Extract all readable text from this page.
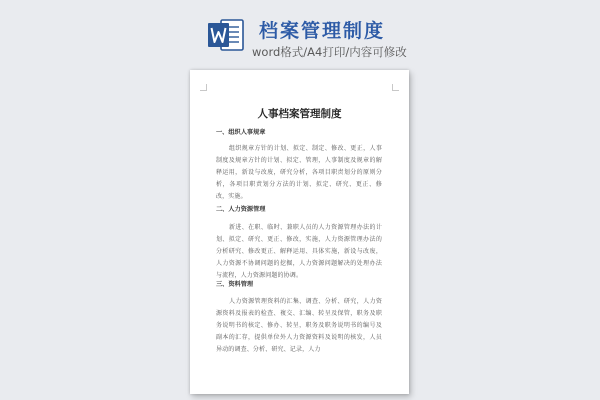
档案管理制度
word格式/A4打印/内容可修改
人事档案管理制度
一、组织人事规章
组织规章方针的计划、拟定、制定、修改、更正，人事制度及规章方针的计划、拟定、管理，人事制度及规章的解释运用，新设与改废，研究分析，各项目职责划分的原则分析，各项目职责划分方法的计划、拟定、研究、更正、修改，实施。
二、人力资源管理
新进、在职、临时、兼职人员的人力资源管理办法的计划、拟定、研究、更正、修改，实施，人力资源管理办法的分析研究、修改更正、解释运用、具体实施，新设与改废，人力资源不协调问题的挖掘，人力资源问题解决的处理办法与流程，人力资源问题的协调。
三、资料管理
人力资源管理资料的汇集、调查、分析、研究，人力资源资料及报表的检查、複交、汇编、转呈及保管，职务及职务说明书的核定、修办、转呈，职务及职务说明书的编号及副本的汇存，提供单位外人力资源资料及说明的核发，人员异动的调查、分析、研究、记录，人力
